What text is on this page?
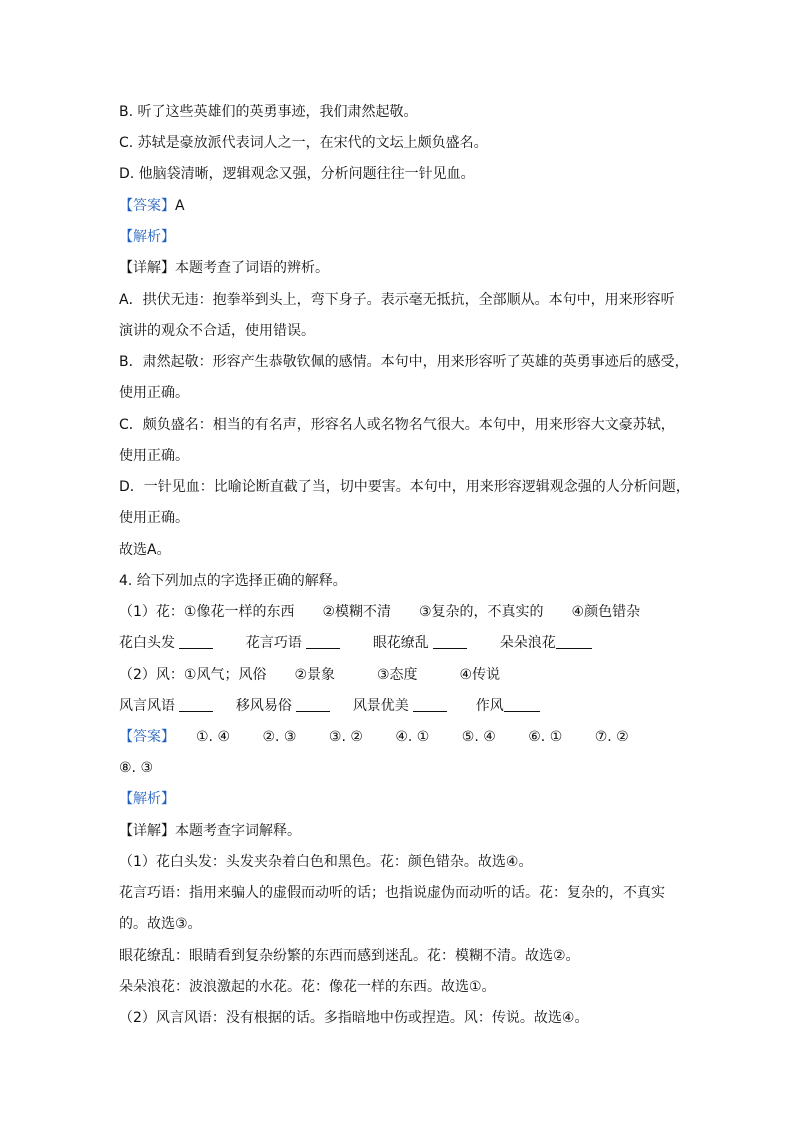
B. 听了这些英雄们的英勇事迹，我们肃然起敬。
C. 苏轼是豪放派代表词人之一，在宋代的文坛上颇负盛名。
D. 他脑袋清晰，逻辑观念又强，分析问题往往一针见血。
【答案】A
【解析】
【详解】本题考查了词语的辨析。
A．拱伏无违：抱拳举到头上，弯下身子。表示毫无抵抗，全部顺从。本句中，用来形容听
演讲的观众不合适，使用错误。
B．肃然起敬：形容产生恭敬钦佩的感情。本句中，用来形容听了英雄的英勇事迹后的感受，
使用正确。
C．颇负盛名：相当的有名声，形容名人或名物名气很大。本句中，用来形容大文豪苏轼，
使用正确。
D．一针见血：比喻论断直截了当，切中要害。本句中，用来形容逻辑观念强的人分析问题，
使用正确。
故选A。
4. 给下列加点的字选择正确的解释。
（1）花：①像花一样的东西　　②模糊不清　　③复杂的，不真实的　　④颜色错杂
花白头发	花言巧语	眼花缭乱	朵朵浪花
（2）风：①风气；风俗　　②景象　　　③态度　　　④传说
风言风语	移风易俗	风景优美	作风
【答案】　　①. ④　　 ②. ③　　 ③. ②　　 ④. ①　　 ⑤. ④　　 ⑥. ①　　 ⑦. ②
⑧. ③
【解析】
【详解】本题考查字词解释。
（1）花白头发：头发夹杂着白色和黑色。花：颜色错杂。故选④。
花言巧语：指用来骗人的虚假而动听的话；也指说虚伪而动听的话。花：复杂的，不真实
的。故选③。
眼花缭乱：眼睛看到复杂纷繁的东西而感到迷乱。花：模糊不清。故选②。
朵朵浪花：波浪激起的水花。花：像花一样的东西。故选①。
（2）风言风语：没有根据的话。多指暗地中伤或捏造。风：传说。故选④。
